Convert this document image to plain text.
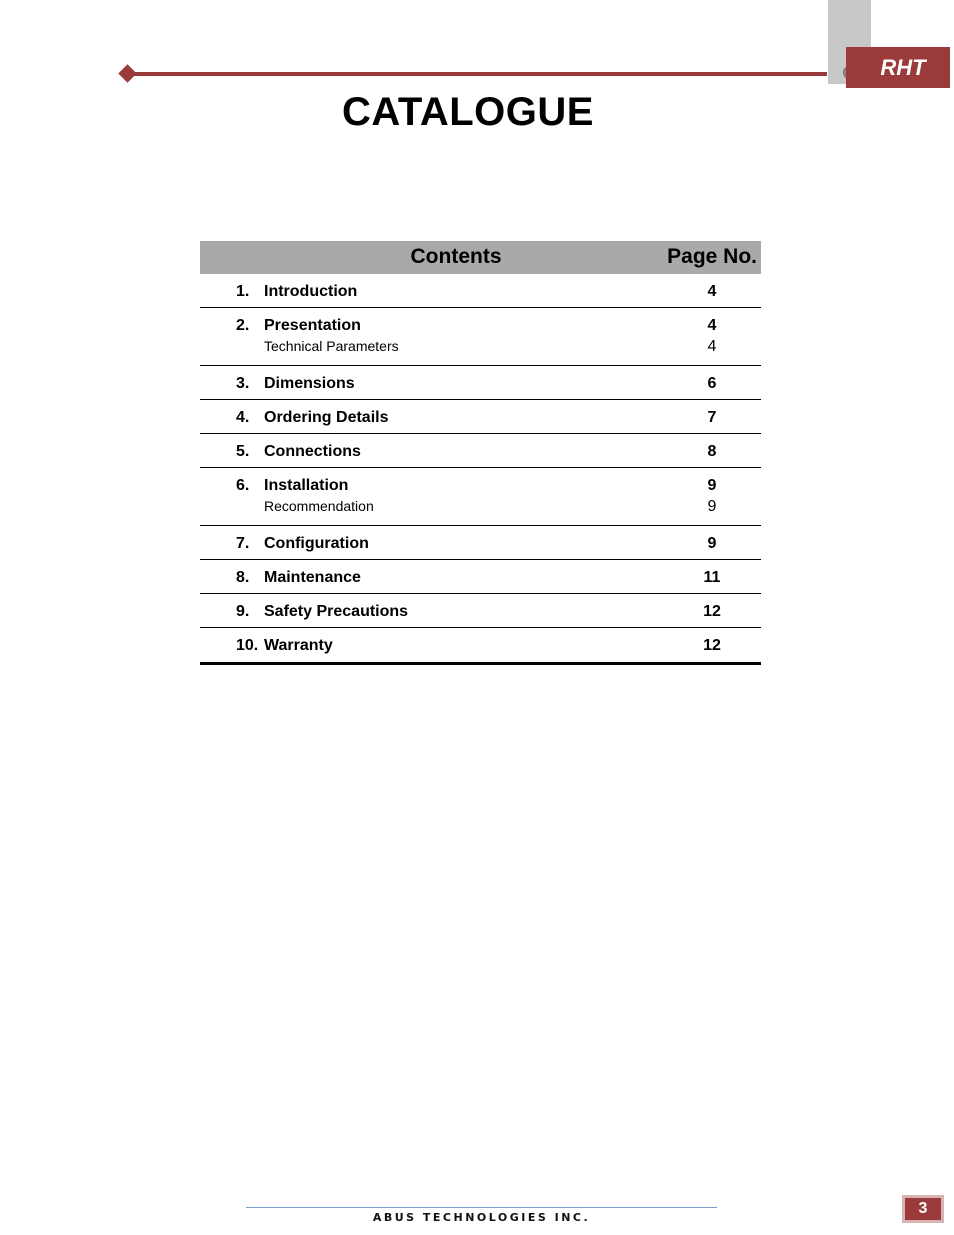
RHT
CATALOGUE
Contents	Page No.
1. Introduction	4
2. Presentation	4
Technical Parameters	4
3. Dimensions	6
4. Ordering Details	7
5. Connections	8
6. Installation	9
Recommendation	9
7. Configuration	9
8. Maintenance	11
9. Safety Precautions	12
10. Warranty	12
ABUS TECHNOLOGIES INC.
3
